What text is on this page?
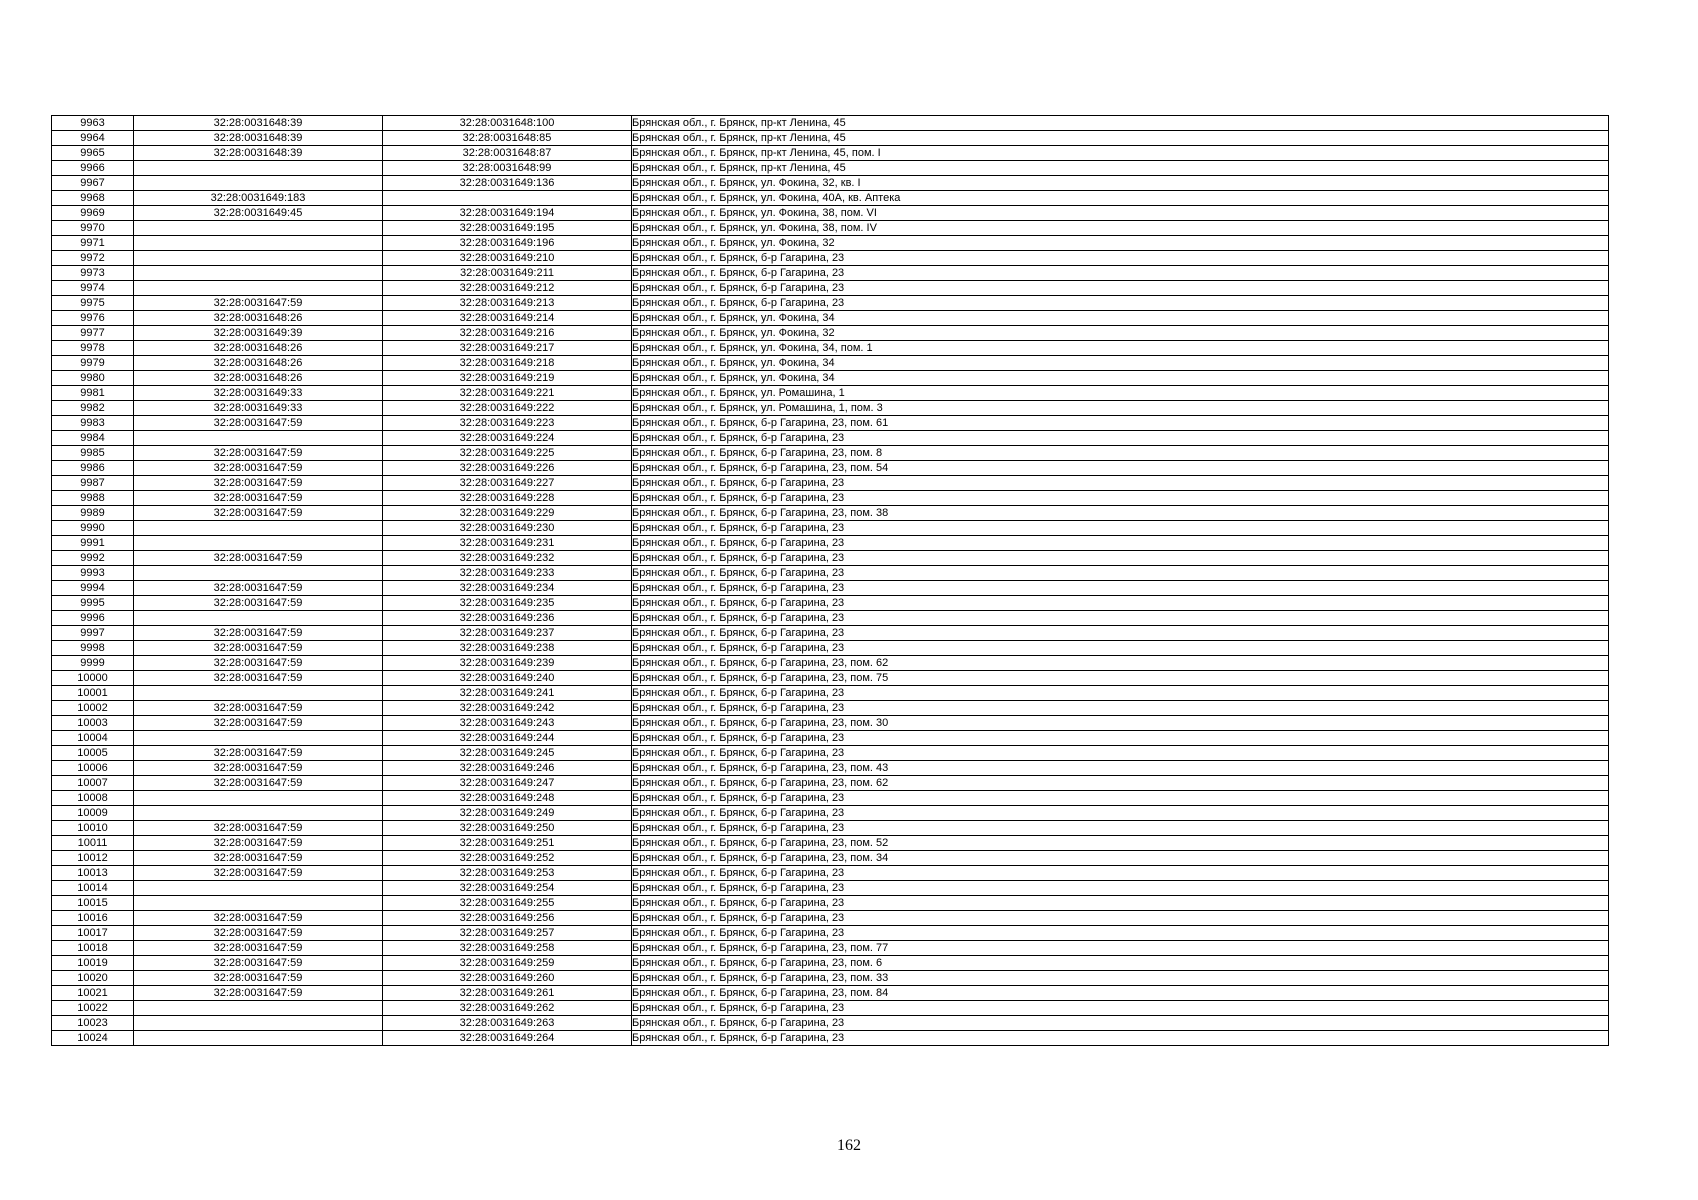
9963	32:28:0031648:39	32:28:0031648:100	Брянская обл., г. Брянск, пр-кт Ленина, 45
9964	32:28:0031648:39	32:28:0031648:85	Брянская обл., г. Брянск, пр-кт Ленина, 45
9965	32:28:0031648:39	32:28:0031648:87	Брянская обл., г. Брянск, пр-кт Ленина, 45, пом. I
9966		32:28:0031648:99	Брянская обл., г. Брянск, пр-кт Ленина, 45
9967		32:28:0031649:136	Брянская обл., г. Брянск, ул. Фокина, 32, кв. I
9968	32:28:0031649:183		Брянская обл., г. Брянск, ул. Фокина, 40А, кв. Аптека
9969	32:28:0031649:45	32:28:0031649:194	Брянская обл., г. Брянск, ул. Фокина, 38, пом. VI
9970		32:28:0031649:195	Брянская обл., г. Брянск, ул. Фокина, 38, пом. IV
9971		32:28:0031649:196	Брянская обл., г. Брянск, ул. Фокина, 32
9972		32:28:0031649:210	Брянская обл., г. Брянск, б-р Гагарина, 23
9973		32:28:0031649:211	Брянская обл., г. Брянск, б-р Гагарина, 23
9974		32:28:0031649:212	Брянская обл., г. Брянск, б-р Гагарина, 23
9975	32:28:0031647:59	32:28:0031649:213	Брянская обл., г. Брянск, б-р Гагарина, 23
9976	32:28:0031648:26	32:28:0031649:214	Брянская обл., г. Брянск, ул. Фокина, 34
9977	32:28:0031649:39	32:28:0031649:216	Брянская обл., г. Брянск, ул. Фокина, 32
9978	32:28:0031648:26	32:28:0031649:217	Брянская обл., г. Брянск, ул. Фокина, 34, пом. 1
9979	32:28:0031648:26	32:28:0031649:218	Брянская обл., г. Брянск, ул. Фокина, 34
9980	32:28:0031648:26	32:28:0031649:219	Брянская обл., г. Брянск, ул. Фокина, 34
9981	32:28:0031649:33	32:28:0031649:221	Брянская обл., г. Брянск, ул. Ромашина, 1
9982	32:28:0031649:33	32:28:0031649:222	Брянская обл., г. Брянск, ул. Ромашина, 1, пом. 3
9983	32:28:0031647:59	32:28:0031649:223	Брянская обл., г. Брянск, б-р Гагарина, 23, пом. 61
9984		32:28:0031649:224	Брянская обл., г. Брянск, б-р Гагарина, 23
9985	32:28:0031647:59	32:28:0031649:225	Брянская обл., г. Брянск, б-р Гагарина, 23, пом. 8
9986	32:28:0031647:59	32:28:0031649:226	Брянская обл., г. Брянск, б-р Гагарина, 23, пом. 54
9987	32:28:0031647:59	32:28:0031649:227	Брянская обл., г. Брянск, б-р Гагарина, 23
9988	32:28:0031647:59	32:28:0031649:228	Брянская обл., г. Брянск, б-р Гагарина, 23
9989	32:28:0031647:59	32:28:0031649:229	Брянская обл., г. Брянск, б-р Гагарина, 23, пом. 38
9990		32:28:0031649:230	Брянская обл., г. Брянск, б-р Гагарина, 23
9991		32:28:0031649:231	Брянская обл., г. Брянск, б-р Гагарина, 23
9992	32:28:0031647:59	32:28:0031649:232	Брянская обл., г. Брянск, б-р Гагарина, 23
9993		32:28:0031649:233	Брянская обл., г. Брянск, б-р Гагарина, 23
9994	32:28:0031647:59	32:28:0031649:234	Брянская обл., г. Брянск, б-р Гагарина, 23
9995	32:28:0031647:59	32:28:0031649:235	Брянская обл., г. Брянск, б-р Гагарина, 23
9996		32:28:0031649:236	Брянская обл., г. Брянск, б-р Гагарина, 23
9997	32:28:0031647:59	32:28:0031649:237	Брянская обл., г. Брянск, б-р Гагарина, 23
9998	32:28:0031647:59	32:28:0031649:238	Брянская обл., г. Брянск, б-р Гагарина, 23
9999	32:28:0031647:59	32:28:0031649:239	Брянская обл., г. Брянск, б-р Гагарина, 23, пом. 62
10000	32:28:0031647:59	32:28:0031649:240	Брянская обл., г. Брянск, б-р Гагарина, 23, пом. 75
10001		32:28:0031649:241	Брянская обл., г. Брянск, б-р Гагарина, 23
10002	32:28:0031647:59	32:28:0031649:242	Брянская обл., г. Брянск, б-р Гагарина, 23
10003	32:28:0031647:59	32:28:0031649:243	Брянская обл., г. Брянск, б-р Гагарина, 23, пом. 30
10004		32:28:0031649:244	Брянская обл., г. Брянск, б-р Гагарина, 23
10005	32:28:0031647:59	32:28:0031649:245	Брянская обл., г. Брянск, б-р Гагарина, 23
10006	32:28:0031647:59	32:28:0031649:246	Брянская обл., г. Брянск, б-р Гагарина, 23, пом. 43
10007	32:28:0031647:59	32:28:0031649:247	Брянская обл., г. Брянск, б-р Гагарина, 23, пом. 62
10008		32:28:0031649:248	Брянская обл., г. Брянск, б-р Гагарина, 23
10009		32:28:0031649:249	Брянская обл., г. Брянск, б-р Гагарина, 23
10010	32:28:0031647:59	32:28:0031649:250	Брянская обл., г. Брянск, б-р Гагарина, 23
10011	32:28:0031647:59	32:28:0031649:251	Брянская обл., г. Брянск, б-р Гагарина, 23, пом. 52
10012	32:28:0031647:59	32:28:0031649:252	Брянская обл., г. Брянск, б-р Гагарина, 23, пом. 34
10013	32:28:0031647:59	32:28:0031649:253	Брянская обл., г. Брянск, б-р Гагарина, 23
10014		32:28:0031649:254	Брянская обл., г. Брянск, б-р Гагарина, 23
10015		32:28:0031649:255	Брянская обл., г. Брянск, б-р Гагарина, 23
10016	32:28:0031647:59	32:28:0031649:256	Брянская обл., г. Брянск, б-р Гагарина, 23
10017	32:28:0031647:59	32:28:0031649:257	Брянская обл., г. Брянск, б-р Гагарина, 23
10018	32:28:0031647:59	32:28:0031649:258	Брянская обл., г. Брянск, б-р Гагарина, 23, пом. 77
10019	32:28:0031647:59	32:28:0031649:259	Брянская обл., г. Брянск, б-р Гагарина, 23, пом. 6
10020	32:28:0031647:59	32:28:0031649:260	Брянская обл., г. Брянск, б-р Гагарина, 23, пом. 33
10021	32:28:0031647:59	32:28:0031649:261	Брянская обл., г. Брянск, б-р Гагарина, 23, пом. 84
10022		32:28:0031649:262	Брянская обл., г. Брянск, б-р Гагарина, 23
10023		32:28:0031649:263	Брянская обл., г. Брянск, б-р Гагарина, 23
10024		32:28:0031649:264	Брянская обл., г. Брянск, б-р Гагарина, 23
162
